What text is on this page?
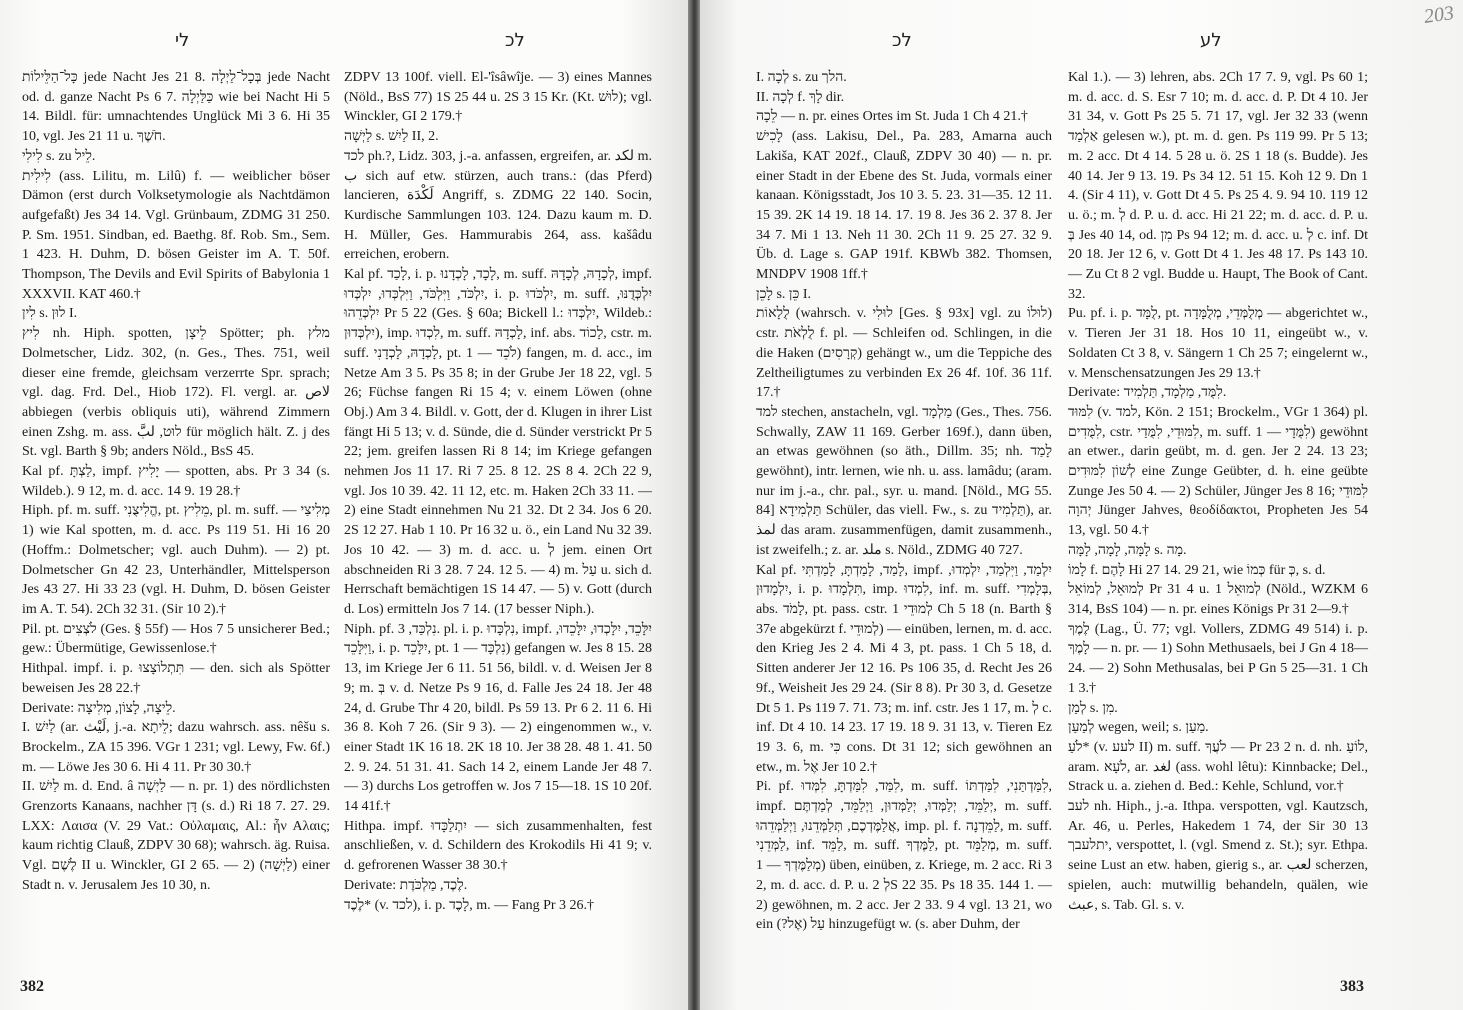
לי	לכ

כָּל־הַלֵּילוֹת jede Nacht Jes 21 8. בְּכָל־לַיְלָה jede Nacht od. d. ganze Nacht Ps 6 7. כַּלַּיְלָה wie bei Nacht Hi 5 14. Bildl. für: umnachtendes Unglück Mi 3 6. Hi 35 10, vgl. Jes 21 11 u. חֹשֶׁךְ.

לִילִי s. zu לֵיל.

לִילִית (ass. Lilitu, m. Lilû) f. — weiblicher böser Dämon (erst durch Volksetymologie als Nachtdämon aufgefaßt) Jes 34 14. Vgl. Grünbaum, ZDMG 31 250. P. Sm. 1951. Sindban, ed. Baethg. 8f. Rob. Sm., Sem. 1 423. H. Duhm, D. bösen Geister im A. T. 50f. Thompson, The Devils and Evil Spirits of Babylonia 1 XXXVII. KAT 460.†

לִין s. לוּן I.

לִיץ nh. Hiph. spotten, לֵיצָן Spötter; ph. מלץ Dolmetscher, Lidz. 302, (n. Ges., Thes. 751, weil dieser eine fremde, gleichsam verzerrte Spr. sprach; vgl. dag. Frd. Del., Hiob 172). Fl. vergl. ar. لاص abbiegen (verbis obliquis uti), während Zimmern einen Zshg. m. ass. לוּט, لبَّ für möglich hält. Z. j des St. vgl. Barth § 9b; anders Nöld., BsS 45.

Kal pf. לַצְתָּ, impf. יָלִיץ — spotten, abs. Pr 3 34 (s. Wildeb.). 9 12, m. d. acc. 14 9. 19 28.†

Hiph. pf. m. suff. הֱלִיצֻנִי, pt. מֵלִיץ, pl. m. suff. מְלִיצַי — 1) wie Kal spotten, m. d. acc. Ps 119 51. Hi 16 20 (Hoffm.: Dolmetscher; vgl. auch Duhm). — 2) pt. Dolmetscher Gn 42 23, Unterhändler, Mittelsperson Jes 43 27. Hi 33 23 (vgl. H. Duhm, D. bösen Geister im A. T. 54). 2Ch 32 31. (Sir 10 2).†

Pil. pt. לֹצְצִים (Ges. § 55f) — Hos 7 5 unsicherer Bed.; gew.: Übermütige, Gewissenlose.†

Hithpal. impf. i. p. תִּתְלוֹצָצוּ — den. sich als Spötter beweisen Jes 28 22.†

Derivate: לֵיצָה, לָצוֹן, מְלִיצָה.

I. לַיִשׁ (ar. لَيْث, j.-a. לֵיתָא; dazu wahrsch. ass. nêšu s. Brockelm., ZA 15 396. VGr 1 231; vgl. Lewy, Fw. 6f.) m. — Löwe Jes 30 6. Hi 4 11. Pr 30 30.†

II. לַיִשׁ m. d. End. â לַיְשָׁה — n. pr. 1) des nördlichsten Grenzorts Kanaans, nachher דָּן (s. d.) Ri 18 7. 27. 29. LXX: Λαισα (V. 29 Vat.: Οὐλαμαις, Al.: ἦν Αλαις; kaum richtig Clauß, ZDPV 30 68); wahrsch. äg. Ruisa. Vgl. לֶשֶׁם II u. Winckler, GI 2 65. — 2) (לַיְשָׁה) einer Stadt n. v. Jerusalem Jes 10 30, n.

ZDPV 13 100f. viell. El-'îsâwîje. — 3) eines Mannes (Nöld., BsS 77) 1S 25 44 u. 2S 3 15 Kr. (Kt. לוּשׁ); vgl. Winckler, GI 2 179.†

לַיְשָׁה s. לַיִשׁ II, 2.

לכד ph.?, Lidz. 303, j.-a. anfassen, ergreifen, ar. لكد m. ب sich auf etw. stürzen, auch trans.: (das Pferd) lancieren, لَكْدَة Angriff, s. ZDMG 22 140. Socin, Kurdische Sammlungen 103. 124. Dazu kaum m. D. H. Müller, Ges. Hammurabis 264, ass. kašâdu erreichen, erobern.

Kal pf. לָכַד, i. p. לָכָד, לָכְדָנוּ, m. suff. לְכָדָהּ, לְכָדָהּ, impf. יִלְכֹּד, וַיִּלְכֹּד, וַיִּלְכְּדוּ, יִלְכְּדוּ, i. p. יִלְכֹּדוּ, m. suff. יִלְכְּדֻנּוּ, יִלְכְּדֵהוּ Pr 5 22 (Ges. § 60a; Bickell l.: יִלְכְּדוּ, Wildeb.: יִלְכְּדוּן), imp. לִכְדוּ, m. suff. לָכְדָהּ, inf. abs. לָכוֹד, cstr. m. suff. לָכְדָהּ, לָכְדָנִי, pt. לֹכֵד — 1) fangen, m. d. acc., im Netze Am 3 5. Ps 35 8; in der Grube Jer 18 22, vgl. 5 26; Füchse fangen Ri 15 4; v. einem Löwen (ohne Obj.) Am 3 4. Bildl. v. Gott, der d. Klugen in ihrer List fängt Hi 5 13; v. d. Sünde, die d. Sünder verstrickt Pr 5 22; jem. greifen lassen Ri 8 14; im Kriege gefangen nehmen Jos 11 17. Ri 7 25. 8 12. 2S 8 4. 2Ch 22 9, vgl. Jos 10 39. 42. 11 12, etc. m. Haken 2Ch 33 11. — 2) eine Stadt einnehmen Nu 21 32. Dt 2 34. Jos 6 20. 2S 12 27. Hab 1 10. Pr 16 32 u. ö., ein Land Nu 32 39. Jos 10 42. — 3) m. d. acc. u. לְ jem. einen Ort abschneiden Ri 3 28. 7 24. 12 5. — 4) m. עַל u. sich d. Herrschaft bemächtigen 1S 14 47. — 5) v. Gott (durch d. Los) ermitteln Jos 7 14. (17 besser Niph.).

Niph. pf. נִלְכַּד, 3. pl. i. p. נִלְכָּדוּ, impf. יִלָּכֵד, יִלָּכְדוּ, יִלָּכֵדוּ, וַיִּלָּכֵד, i. p. יִלָּכֵד, pt. נִלְכָּד — 1) gefangen w. Jes 8 15. 28 13, im Kriege Jer 6 11. 51 56, bildl. v. d. Weisen Jer 8 9; m. בְּ v. d. Netze Ps 9 16, d. Falle Jes 24 18. Jer 48 24, d. Grube Thr 4 20, bildl. Ps 59 13. Pr 6 2. 11 6. Hi 36 8. Koh 7 26. (Sir 9 3). — 2) eingenommen w., v. einer Stadt 1K 16 18. 2K 18 10. Jer 38 28. 48 1. 41. 50 2. 9. 24. 51 31. 41. Sach 14 2, einem Lande Jer 48 7. — 3) durchs Los getroffen w. Jos 7 15—18. 1S 10 20f. 14 41f.†

Hithpa. impf. יִתְלַכָּדוּ — sich zusammenhalten, fest anschließen, v. d. Schildern des Krokodils Hi 41 9; v. d. gefrorenen Wasser 38 30.†

Derivate: לֶכֶד, מַלְכֹּדֶת.

לֶכֶד* (v. לכד), i. p. לָכֶד, m. — Fang Pr 3 26.†

382
לכ	לע

I. לְכָה s. zu הלך.

II. לְכָה f. לָךְ dir.

לֵכָה — n. pr. eines Ortes im St. Juda 1 Ch 4 21.†

לָכִישׁ (ass. Lakisu, Del., Pa. 283, Amarna auch Lakiša, KAT 202f., Clauß, ZDPV 30 40) — n. pr. einer Stadt in der Ebene des St. Juda, vormals einer kanaan. Königsstadt, Jos 10 3. 5. 23. 31—35. 12 11. 15 39. 2K 14 19. 18 14. 17. 19 8. Jes 36 2. 37 8. Jer 34 7. Mi 1 13. Neh 11 30. 2Ch 11 9. 25 27. 32 9. Üb. d. Lage s. GAP 191f. KBWb 382. Thomsen, MNDPV 1908 1ff.†

לָכֵן s. כֵּן I.

לֻלָאוֹת (wahrsch. v. לוּלִי [Ges. § 93x] vgl. zu לוּלוֹ) cstr. לֻלְאֹת f. pl. — Schleifen od. Schlingen, in die die Haken (קְרָסִים) gehängt w., um die Teppiche des Zeltheiligtumes zu verbinden Ex 26 4f. 10f. 36 11f. 17.†

למד stechen, anstacheln, vgl. מַלְמָד (Ges., Thes. 756. Schwally, ZAW 11 169. Gerber 169f.), dann üben, an etwas gewöhnen (so äth., Dillm. 35; nh. לָמַד gewöhnt), intr. lernen, wie nh. u. ass. lamâdu; (aram. nur im j.-a., chr. pal., syr. u. mand. [Nöld., MG 55. 84] תַּלְמִידָא Schüler, das viell. Fw., s. zu תַּלְמִיד), ar. لمذ das aram. zusammenfügen, damit zusammenh., ist zweifelh.; z. ar. ملد s. Nöld., ZDMG 40 727.

Kal pf. לָמַד, לָמַדְתָּ, לָמַדְתִּי, impf. יִלְמַד, וַיִּלְמַד, יִלְמְדוּ, יִלְמָדוּן, i. p. תִּלְמָדוּ, imp. לִמְדוּ, inf. m. suff. בְּלָמְדִי, abs. לָמֹד, pt. pass. cstr. לְמוּדֵי 1 Ch 5 18 (n. Barth § 37e abgekürzt f. לְמוּדֵי) — einüben, lernen, m. d. acc. den Krieg Jes 2 4. Mi 4 3, pt. pass. 1 Ch 5 18, d. Sitten anderer Jer 12 16. Ps 106 35, d. Recht Jes 26 9f., Weisheit Jes 29 24. (Sir 8 8). Pr 30 3, d. Gesetze Dt 5 1. Ps 119 7. 71. 73; m. inf. cstr. Jes 1 17, m. לְ c. inf. Dt 4 10. 14 23. 17 19. 18 9. 31 13, v. Tieren Ez 19 3. 6, m. כִּי cons. Dt 31 12; sich gewöhnen an etw., m. אֶל Jer 10 2.†

Pi. pf. לִמַּד, לִמַּדְתָּ, לִמְּדוּ, m. suff. לִמַּדְתַּנִי, לִמַּדְתּוֹ, impf. יְלַמֵּד, יְלַמְּדוּ, יְלַמְּדוּן, וַיְלַמֵּד, לְמַדְתֶּם, m. suff. אֲלַמֶּדְכֶם, תְּלַמְּדֵנוּ, וַיְלַמְּדֵהוּ, imp. pl. f. לַמֵּדְנָה, m. suff. לַמְּדֵנִי, inf. לַמֵּד, m. suff. לַמֶּדְךָ, pt. מְלַמֵּד, m. suff. מְלַמֶּדְךָ — 1) üben, einüben, z. Kriege, m. 2 acc. Ri 3 2, m. d. acc. d. P. u. לְ 2S 22 35. Ps 18 35. 144 1. — 2) gewöhnen, m. 2 acc. Jer 2 33. 9 4 vgl. 13 21, wo ein עַל (אֶל?) hinzugefügt w. (s. aber Duhm, der

Kal 1.). — 3) lehren, abs. 2Ch 17 7. 9, vgl. Ps 60 1; m. d. acc. d. S. Esr 7 10; m. d. acc. d. P. Dt 4 10. Jer 31 34, v. Gott Ps 25 5. 71 17, vgl. Jer 32 33 (wenn אַלְמַד gelesen w.), pt. m. d. gen. Ps 119 99. Pr 5 13; m. 2 acc. Dt 4 14. 5 28 u. ö. 2S 1 18 (s. Budde). Jes 40 14. Jer 9 13. 19. Ps 34 12. 51 15. Koh 12 9. Dn 1 4. (Sir 4 11), v. Gott Dt 4 5. Ps 25 4. 9. 94 10. 119 12 u. ö.; m. לְ d. P. u. d. acc. Hi 21 22; m. d. acc. d. P. u. בְּ Jes 40 14, od. מִן Ps 94 12; m. d. acc. u. לְ c. inf. Dt 20 18. Jer 12 6, v. Gott Dt 4 1. Jes 48 17. Ps 143 10. — Zu Ct 8 2 vgl. Budde u. Haupt, The Book of Cant. 32.

Pu. pf. i. p. לֻמָּד, pt. מְלֻמְּדֵי, מְלֻמָּדָה — abgerichtet w., v. Tieren Jer 31 18. Hos 10 11, eingeübt w., v. Soldaten Ct 3 8, v. Sängern 1 Ch 25 7; eingelernt w., v. Menschensatzungen Jes 29 13.†

Derivate: לִמֻּד, מַלְמָד, תַּלְמִיד.

לִמּוּד (v. למד, Kön. 2 151; Brockelm., VGr 1 364) pl. לִמֻּדִים, cstr. לִמּוּדֵי, לִמֻּדַי, m. suff. לִמֻּדָי — 1) gewöhnt an etwer., darin geübt, m. d. gen. Jer 2 24. 13 23; לְשׁוֹן לִמּוּדִים eine Zunge Geübter, d. h. eine geübte Zunge Jes 50 4. — 2) Schüler, Jünger Jes 8 16; לִמּוּדֵי יְהוָה Jünger Jahves, θεοδίδακτοι, Propheten Jes 54 13, vgl. 50 4.†

לָמָּה, לָמָה, לָמָּה s. מָה.

לָמוֹ f. לָהֶם Hi 27 14. 29 21, wie כְּמוֹ für כְּ, s. d.

לְמוּאֵל, לְמוֹאֵל Pr 31 4 u. לְמוּאֵל 1 (Nöld., WZKM 6 314, BsS 104) — n. pr. eines Königs Pr 31 2—9.†

לֶמֶךְ (Lag., Ü. 77; vgl. Vollers, ZDMG 49 514) i. p. לָמֶךְ — n. pr. — 1) Sohn Methusaels, bei J Gn 4 18—24. — 2) Sohn Methusalas, bei P Gn 5 25—31. 1 Ch 1 3.†

לְמַן s. מִן.

לְמַעַן wegen, weil; s. מַעַן.

לֹעַ* (v. לעע II) m. suff. לֹעֲךָ — Pr 23 2 n. d. nh. לוֹעַ, aram. לֹעָא, ar. لغد (ass. wohl lêtu): Kinnbacke; Del., Strack u. a. ziehen d. Bed.: Kehle, Schlund, vor.†

לעב nh. Hiph., j.-a. Ithpa. verspotten, vgl. Kautzsch, Ar. 46, u. Perles, Hakedem 1 74, der Sir 30 13 יתלעבך, verspottet, l. (vgl. Smend z. St.); syr. Ethpa. seine Lust an etw. haben, gierig s., ar. لعب scherzen, spielen, auch: mutwillig behandeln, quälen, wie عبث, s. Tab. Gl. s. v.

383
203
